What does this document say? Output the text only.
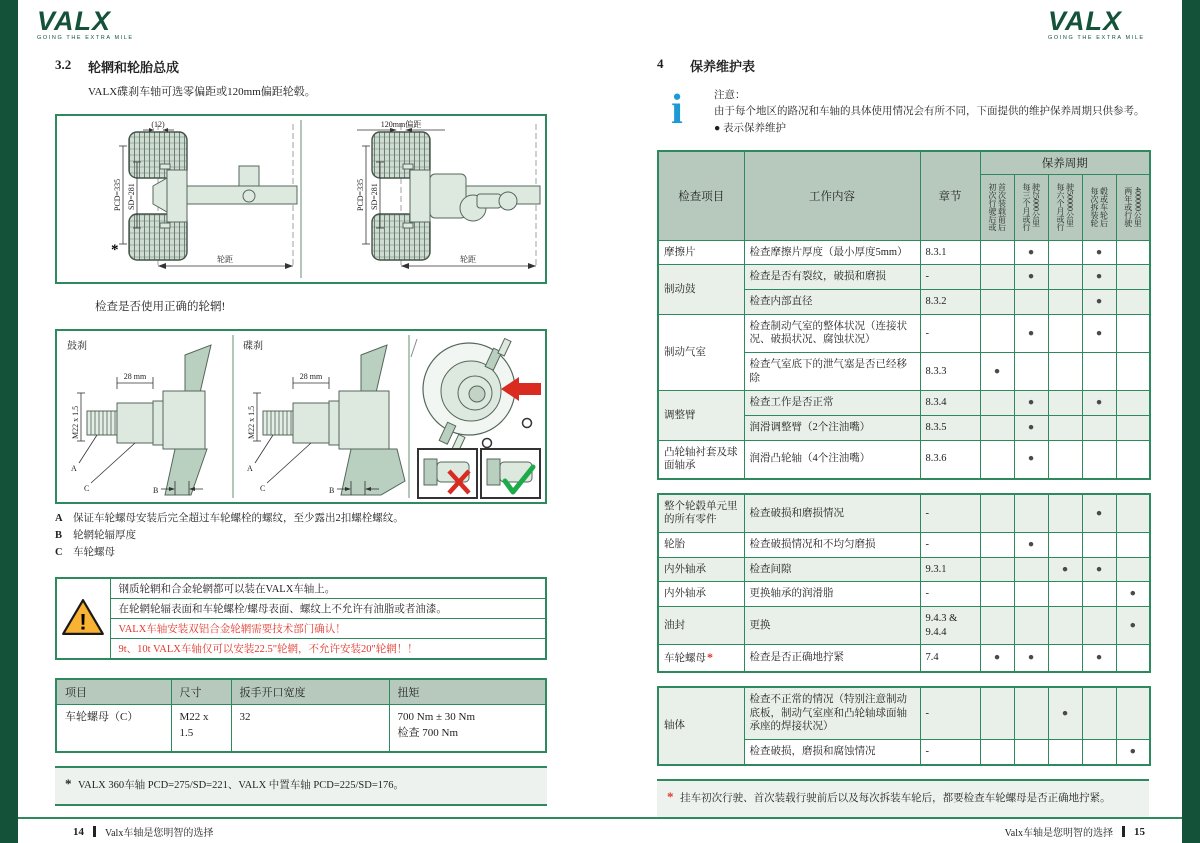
VALX
GOING THE EXTRA MILE
3.2	轮辋和轮胎总成

VALX碟刹车轴可选零偏距或120mm偏距轮毂。

(12)
PCD=335 SD=281
*
轮距
120mm偏距
PCD=335 SD=281
轮距

检查是否使用正确的轮辋!

鼓刹
M22 x 1.5
28 mm
A
C	B
碟刹
M22 x 1.5
28 mm
A
C	B
A 保证车轮螺母安装后完全超过车轮螺栓的螺纹，至少露出2扣螺栓螺纹。
B	轮辋轮辐厚度
C 车轮螺母
!
	钢质轮辋和合金轮辋都可以装在VALX车轴上。
在轮辋轮辐表面和车轮螺栓/螺母表面、螺纹上不允许有油脂或者油漆。
VALX车轴安装双铝合金轮辋需要技术部门确认！
9t、10t VALX车轴仅可以安装22.5"轮辋，不允许安装20"轮辋！！
项目	尺寸	扳手开口宽度	扭矩
车轮螺母（C）	M22 x 1.5	32	700 Nm ± 30 Nm
检查 700 Nm
* VALX 360车轴 PCD=275/SD=221、VALX 中置车轴 PCD=225/SD=176。
VALX
GOING THE EXTRA MILE
4	保养维护表
i	注意：
由于每个地区的路况和车轴的具体使用情况会有所不同，下面提供的维护保养周期只供参考。
● 表示保养维护
检查项目	工作内容	章节	保养周期				
			初次行驶后或首次装载前后	每三个月或行驶25000公里	每六个月或行驶50000公里	每次拆装轮毂或车轮后	两年或行驶400000公里
摩擦片	检查摩擦片厚度（最小厚度5mm）	8.3.1		●		●	
制动鼓	检查是否有裂纹，破损和磨损	-		●		●	
	检查内部直径	8.3.2				●	
制动气室	检查制动气室的整体状况（连接状况、破损状况、腐蚀状况）	-		●		●	
	检查气室底下的泄气塞是否已经移除	8.3.3	●				
调整臂	检查工作是否正常	8.3.4		●		●	
	润滑调整臂（2个注油嘴）	8.3.5		●			
凸轮轴衬套及球面轴承	润滑凸轮轴（4个注油嘴）	8.3.6		●			
整个轮毂单元里的所有零件	检查破损和磨损情况	-				●	
轮胎	检查破损情况和不均匀磨损	-		●			
内外轴承	检查间隙	9.3.1			●	●	
内外轴承	更换轴承的润滑脂	-					●
油封	更换	9.4.3 & 9.4.4					●
车轮螺母*	检查是否正确地拧紧	7.4	●	●		●	
轴体	检查不正常的情况（特别注意制动底板，制动气室座和凸轮轴球面轴承座的焊接状况）	-			●		
	检查破损，磨损和腐蚀情况	-					●
* 挂车初次行驶、首次装载行驶前后以及每次拆装车轮后，都要检查车轮螺母是否正确地拧紧。
14 Valx车轴是您明智的选择	Valx车轴是您明智的选择 15
